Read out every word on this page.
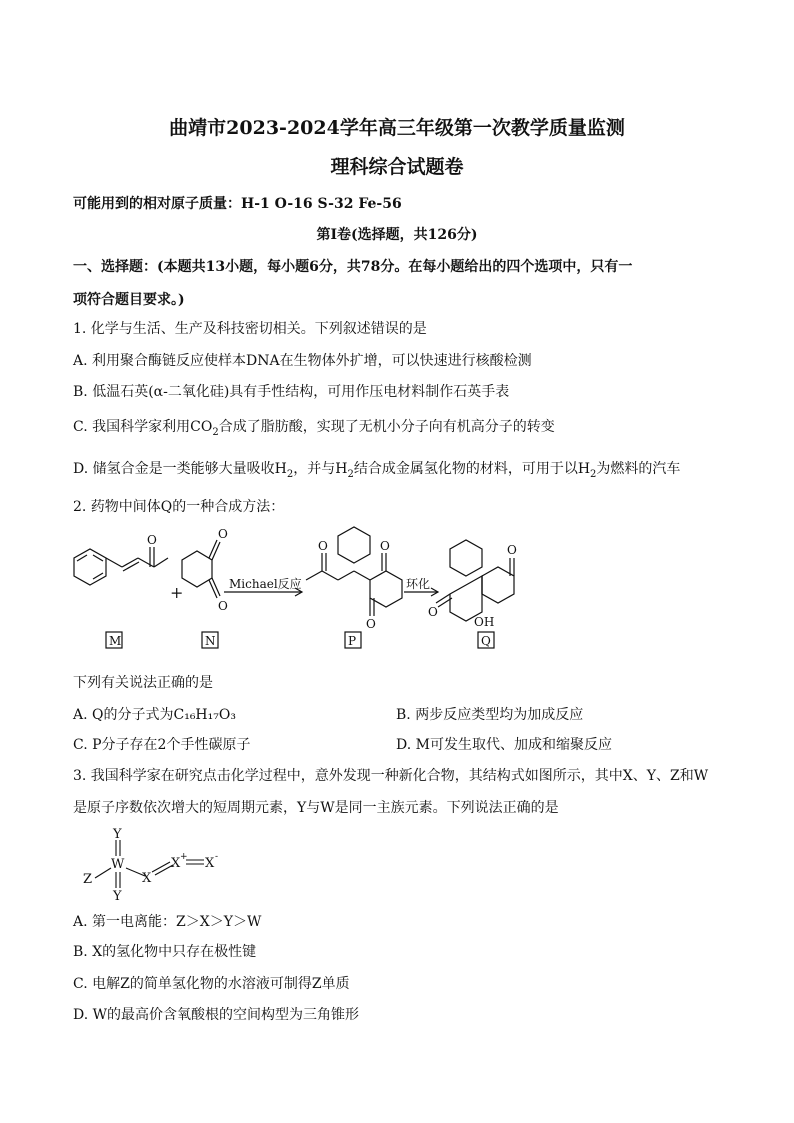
曲靖市2023-2024学年高三年级第一次教学质量监测
理科综合试题卷
可能用到的相对原子质量：H-1 O-16 S-32 Fe-56
第I卷(选择题，共126分)
一、选择题：(本题共13小题，每小题6分，共78分。在每小题给出的四个选项中，只有一
项符合题目要求。)
1. 化学与生活、生产及科技密切相关。下列叙述错误的是
A. 利用聚合酶链反应使样本DNA在生物体外扩增，可以快速进行核酸检测
B. 低温石英(α-二氧化硅)具有手性结构，可用作压电材料制作石英手表
C. 我国科学家利用$CO_2$合成了脂肪酸，实现了无机小分子向有机高分子的转变
D. 储氢合金是一类能够大量吸收$H_2$，并与$H_2$结合成金属氢化物的材料，可用于以$H_2$为燃料的汽车
2. 药物中间体Q的一种合成方法：
+	Michael反应	环化
O	O
O
O	O
O
O
O
OH
M	N	P	Q
下列有关说法正确的是
A. Q的分子式为C₁₆H₁₇O₃	B. 两步反应类型均为加成反应
C. P分子存在2个手性碳原子	D. M可发生取代、加成和缩聚反应
3. 我国科学家在研究点击化学过程中，意外发现一种新化合物，其结构式如图所示，其中X、Y、Z和W
是原子序数依次增大的短周期元素，Y与W是同一主族元素。下列说法正确的是
Y
W
Y
Z	X
X + X -
A. 第一电离能：Z＞X＞Y＞W
B. X的氢化物中只存在极性键
C. 电解Z的简单氢化物的水溶液可制得Z单质
D. W的最高价含氧酸根的空间构型为三角锥形
